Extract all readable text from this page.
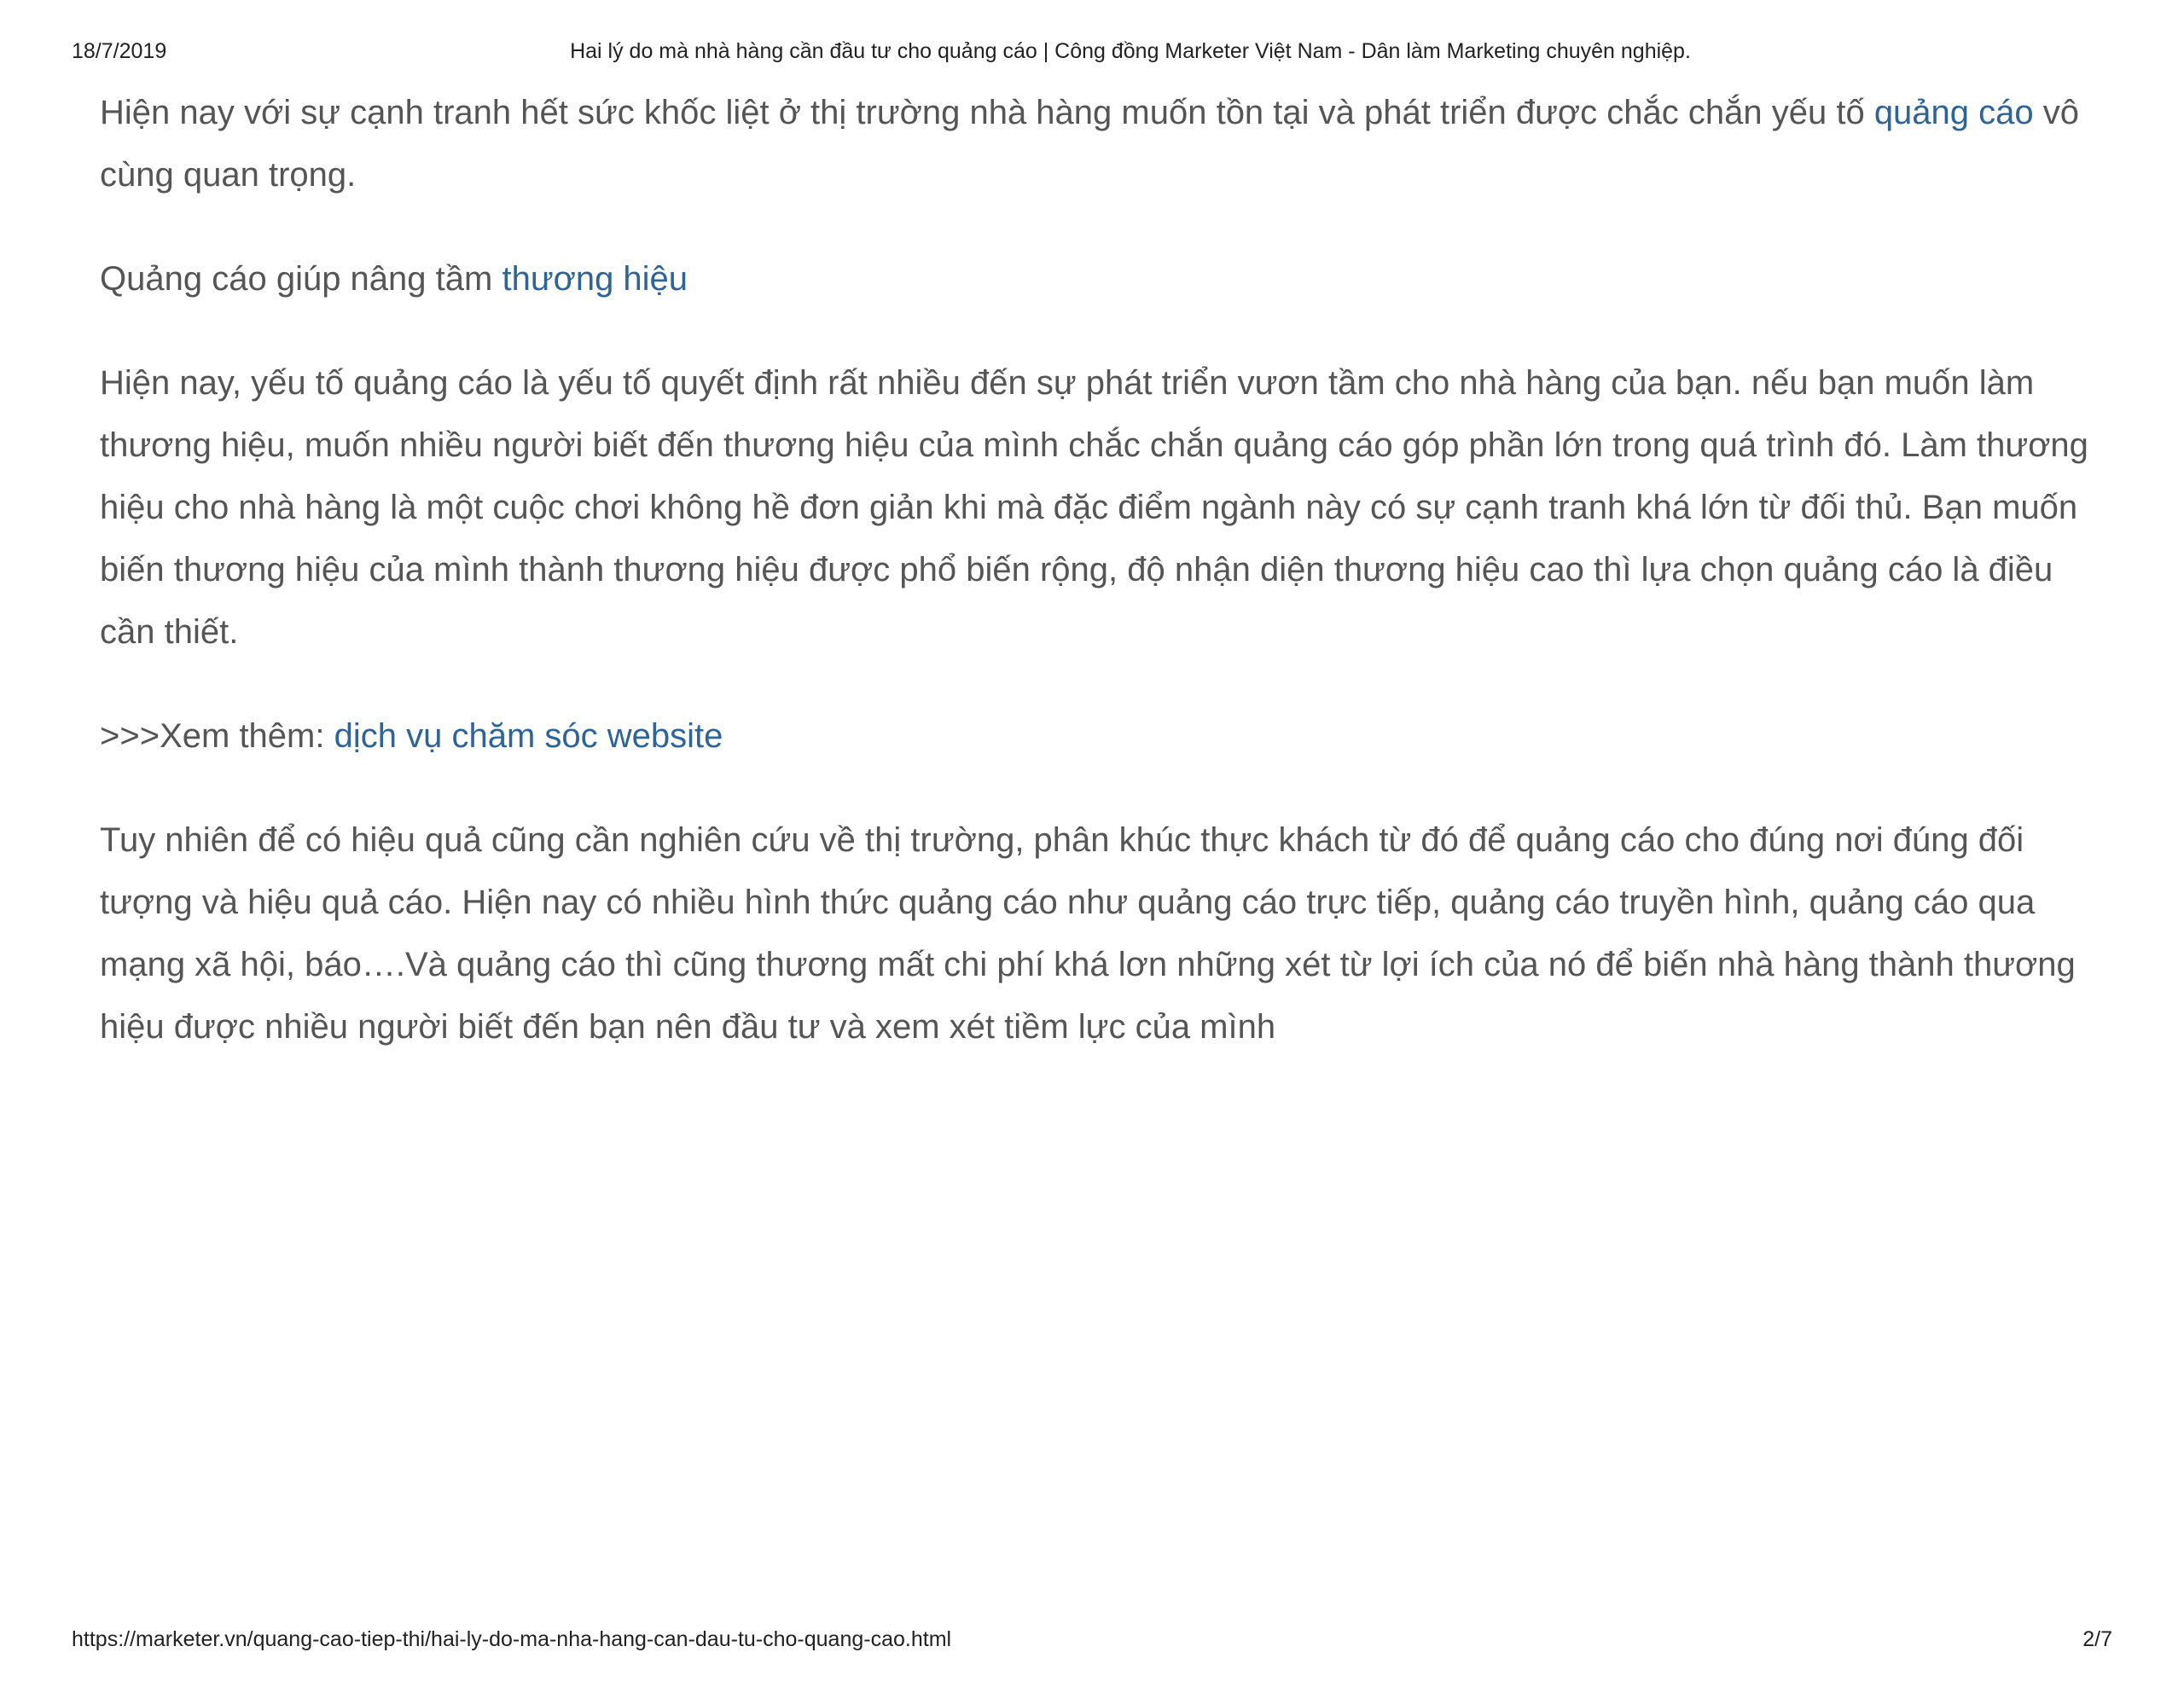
18/7/2019	Hai lý do mà nhà hàng cần đầu tư cho quảng cáo | Công đồng Marketer Việt Nam - Dân làm Marketing chuyên nghiệp.

Hiện nay với sự cạnh tranh hết sức khốc liệt ở thị trường nhà hàng muốn tồn tại và phát triển được chắc chắn yếu tố quảng cáo vô cùng quan trọng.

Quảng cáo giúp nâng tầm thương hiệu

Hiện nay, yếu tố quảng cáo là yếu tố quyết định rất nhiều đến sự phát triển vươn tầm cho nhà hàng của bạn. nếu bạn muốn làm thương hiệu, muốn nhiều người biết đến thương hiệu của mình chắc chắn quảng cáo góp phần lớn trong quá trình đó. Làm thương hiệu cho nhà hàng là một cuộc chơi không hề đơn giản khi mà đặc điểm ngành này có sự cạnh tranh khá lớn từ đối thủ. Bạn muốn biến thương hiệu của mình thành thương hiệu được phổ biến rộng, độ nhận diện thương hiệu cao thì lựa chọn quảng cáo là điều cần thiết.

>>>Xem thêm: dịch vụ chăm sóc website

Tuy nhiên để có hiệu quả cũng cần nghiên cứu về thị trường, phân khúc thực khách từ đó để quảng cáo cho đúng nơi đúng đối tượng và hiệu quả cáo. Hiện nay có nhiều hình thức quảng cáo như quảng cáo trực tiếp, quảng cáo truyền hình, quảng cáo qua mạng xã hội, báo….Và quảng cáo thì cũng thương mất chi phí khá lơn những xét từ lợi ích của nó để biến nhà hàng thành thương hiệu được nhiều người biết đến bạn nên đầu tư và xem xét tiềm lực của mình

https://marketer.vn/quang-cao-tiep-thi/hai-ly-do-ma-nha-hang-can-dau-tu-cho-quang-cao.html	2/7
